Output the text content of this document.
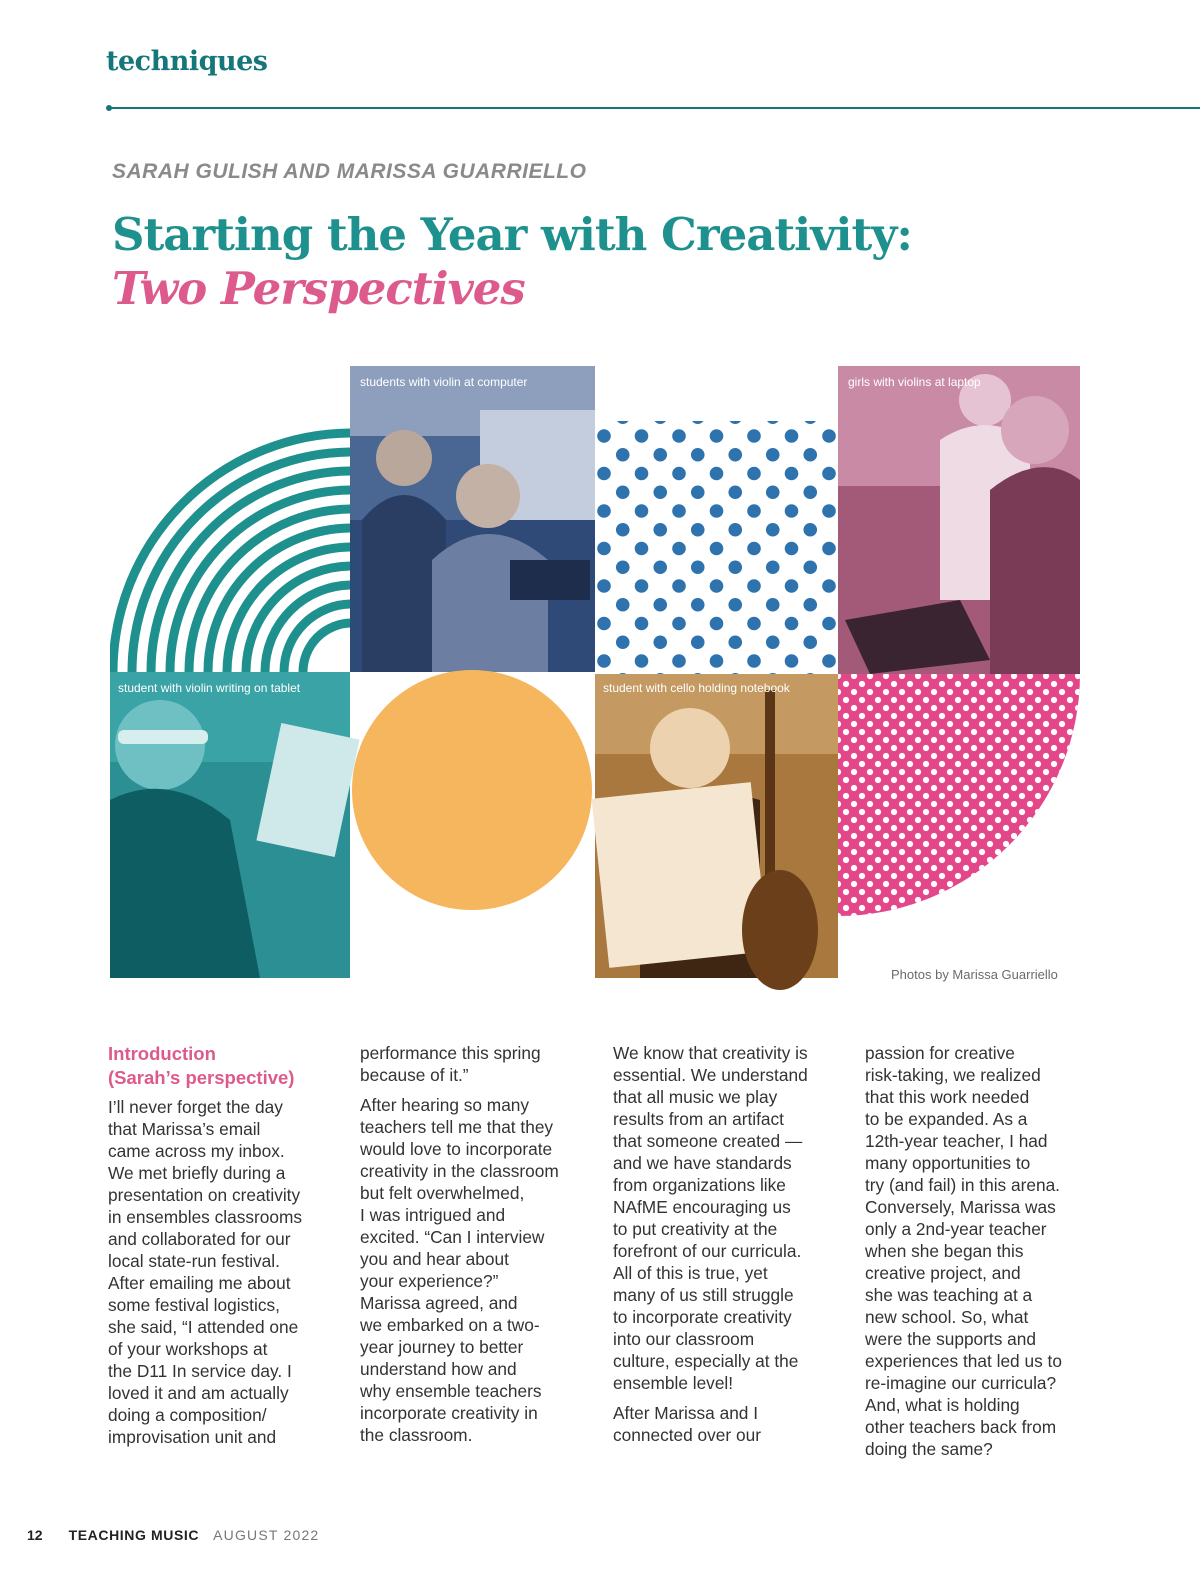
techniques
SARAH GULISH AND MARISSA GUARRIELLO
Starting the Year with Creativity:
Two Perspectives
students with violin at computer	girls with violins at laptop
student with violin writing on tablet	student with cello holding notebook
Photos by Marissa Guarriello
Introduction
(Sarah’s perspective)

I’ll never forget the day
that Marissa’s email
came across my inbox.
We met briefly during a
presentation on creativity
in ensembles classrooms
and collaborated for our
local state-run festival.
After emailing me about
some festival logistics,
she said, “I attended one
of your workshops at
the D11 In service day. I
loved it and am actually
doing a composition/
improvisation unit and

performance this spring
because of it.”

After hearing so many
teachers tell me that they
would love to incorporate
creativity in the classroom
but felt overwhelmed,
I was intrigued and
excited. “Can I interview
you and hear about
your experience?”
Marissa agreed, and
we embarked on a two-
year journey to better
understand how and
why ensemble teachers
incorporate creativity in
the classroom.

We know that creativity is
essential. We understand
that all music we play
results from an artifact
that someone created —
and we have standards
from organizations like
NAfME encouraging us
to put creativity at the
forefront of our curricula.
All of this is true, yet
many of us still struggle
to incorporate creativity
into our classroom
culture, especially at the
ensemble level!

After Marissa and I
connected over our

passion for creative
risk-taking, we realized
that this work needed
to be expanded. As a
12th-year teacher, I had
many opportunities to
try (and fail) in this arena.
Conversely, Marissa was
only a 2nd-year teacher
when she began this
creative project, and
she was teaching at a
new school. So, what
were the supports and
experiences that led us to
re-imagine our curricula?
And, what is holding
other teachers back from
doing the same?

12 TEACHING MUSIC AUGUST 2022
